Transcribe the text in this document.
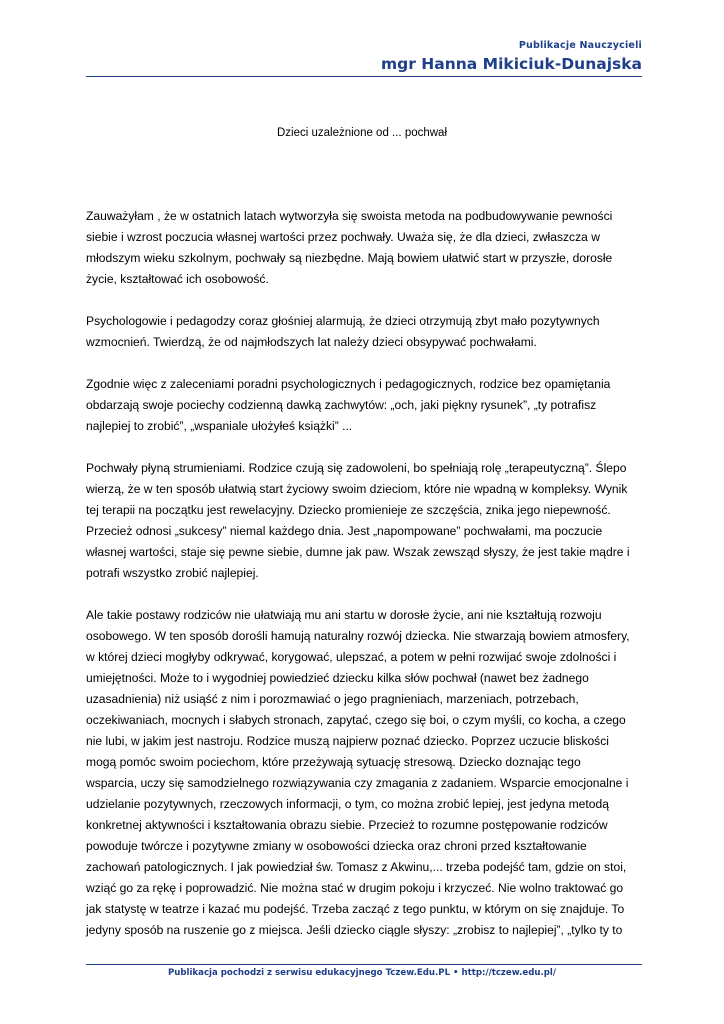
Publikacje Nauczycieli
mgr Hanna Mikiciuk-Dunajska
Dzieci uzależnione od ... pochwał
Zauważyłam , że w ostatnich latach wytworzyła się swoista metoda na podbudowywanie pewności
siebie i wzrost poczucia własnej wartości przez pochwały. Uważa się, że dla dzieci, zwłaszcza w
młodszym wieku szkolnym, pochwały są niezbędne. Mają bowiem ułatwić start w przyszłe, dorosłe
życie, kształtować ich osobowość.
Psychologowie i pedagodzy coraz głośniej alarmują, że dzieci otrzymują zbyt mało pozytywnych
wzmocnień. Twierdzą, że od najmłodszych lat należy dzieci obsypywać pochwałami.
Zgodnie więc z zaleceniami poradni psychologicznych i pedagogicznych, rodzice bez opamiętania
obdarzają swoje pociechy codzienną dawką zachwytów: „och, jaki piękny rysunek”, „ty potrafisz
najlepiej to zrobić”, „wspaniale ułożyłeś książki” ...
Pochwały płyną strumieniami. Rodzice czują się zadowoleni, bo spełniają rolę „terapeutyczną”. Ślepo
wierzą, że w ten sposób ułatwią start życiowy swoim dzieciom, które nie wpadną w kompleksy. Wynik
tej terapii na początku jest rewelacyjny. Dziecko promienieje ze szczęścia, znika jego niepewność.
Przecież odnosi „sukcesy” niemal każdego dnia. Jest „napompowane” pochwałami, ma poczucie
własnej wartości, staje się pewne siebie, dumne jak paw. Wszak zewsząd słyszy, że jest takie mądre i
potrafi wszystko zrobić najlepiej.
Ale takie postawy rodziców nie ułatwiają mu ani startu w dorosłe życie, ani nie kształtują rozwoju
osobowego. W ten sposób dorośli hamują naturalny rozwój dziecka. Nie stwarzają bowiem atmosfery,
w której dzieci mogłyby odkrywać, korygować, ulepszać, a potem w pełni rozwijać swoje zdolności i
umiejętności. Może to i wygodniej powiedzieć dziecku kilka słów pochwał (nawet bez żadnego
uzasadnienia) niż usiąść z nim i porozmawiać o jego pragnieniach, marzeniach, potrzebach,
oczekiwaniach, mocnych i słabych stronach, zapytać, czego się boi, o czym myśli, co kocha, a czego
nie lubi, w jakim jest nastroju. Rodzice muszą najpierw poznać dziecko. Poprzez uczucie bliskości
mogą pomóc swoim pociechom, które przeżywają sytuację stresową. Dziecko doznając tego
wsparcia, uczy się samodzielnego rozwiązywania czy zmagania z zadaniem. Wsparcie emocjonalne i
udzielanie pozytywnych, rzeczowych informacji, o tym, co można zrobić lepiej, jest jedyna metodą
konkretnej aktywności i kształtowania obrazu siebie. Przecież to rozumne postępowanie rodziców
powoduje twórcze i pozytywne zmiany w osobowości dziecka oraz chroni przed kształtowanie
zachowań patologicznych. I jak powiedział św. Tomasz z Akwinu,... trzeba podejść tam, gdzie on stoi,
wziąć go za rękę i poprowadzić. Nie można stać w drugim pokoju i krzyczeć. Nie wolno traktować go
jak statystę w teatrze i kazać mu podejść. Trzeba zacząć z tego punktu, w którym on się znajduje. To
jedyny sposób na ruszenie go z miejsca. Jeśli dziecko ciągle słyszy: „zrobisz to najlepiej”, „tylko ty to
Publikacja pochodzi z serwisu edukacyjnego Tczew.Edu.PL • http://tczew.edu.pl/
